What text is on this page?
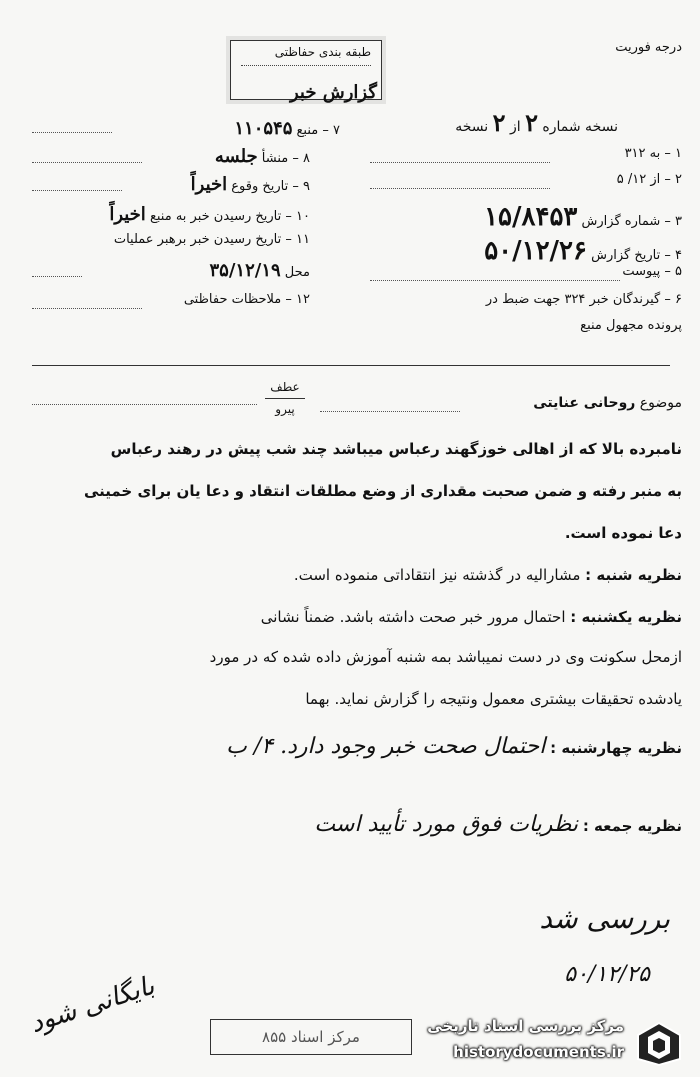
درجه فوریت
طبقه بندی حفاظتی
گزارش خبر
نسخه شماره ۲ از ۲ نسخه
۱ – به ۳۱۲
۲ – از ۱۲/ ۵
۳ – شماره گزارش ۱۵/۸۴۵۳
۴ – تاریخ گزارش ۵۰/۱۲/۲۶
۵ – پیوست
۶ – گیرندگان خبر ۳۲۴ جهت ضبط در
پرونده مجهول منبع
۷ – منبع ۱۱۰۵۴۵
۸ – منشأ جلسه
۹ – تاریخ وقوع اخیراً
۱۰ – تاریخ رسیدن خبر به منبع اخیراً
۱۱ – تاریخ رسیدن خبر برهبر عملیات
محل ۳۵/۱۲/۱۹
۱۲ – ملاحظات حفاظتی
عطف
پیرو	موضوع روحانی عنایتی
نامبرده بالا که از اهالی خوزگهند رعباس میباشد چند شب پیش در رهند رعباس
به منبر رفته و ضمن صحبت مقداری از وضع مطلقات انتقاد و دعا یان برای خمینی
دعا نموده است.
نظریه شنبه : مشارالیه در گذشته نیز انتقاداتی منموده است.
نظریه یکشنبه : احتمال مرور خبر صحت داشته باشد. ضمناً نشانی
ازمحل سکونت وی در دست نمیباشد بمه شنبه آموزش داده شده که در مورد
یادشده تحقیقات بیشتری معمول ونتیجه را گزارش نماید. بهما
نظریه چهارشنبه : احتمال صحت خبر وجود دارد. ۴/ ب
نظریه جمعه : نظریات فوق مورد تأیید است
بررسی شد
۵۰/۱۲/۲۵
بایگانی شود	مرکز اسناد ۸۵۵
مرکز بررسی اسناد تاریخی
historydocuments.ir
